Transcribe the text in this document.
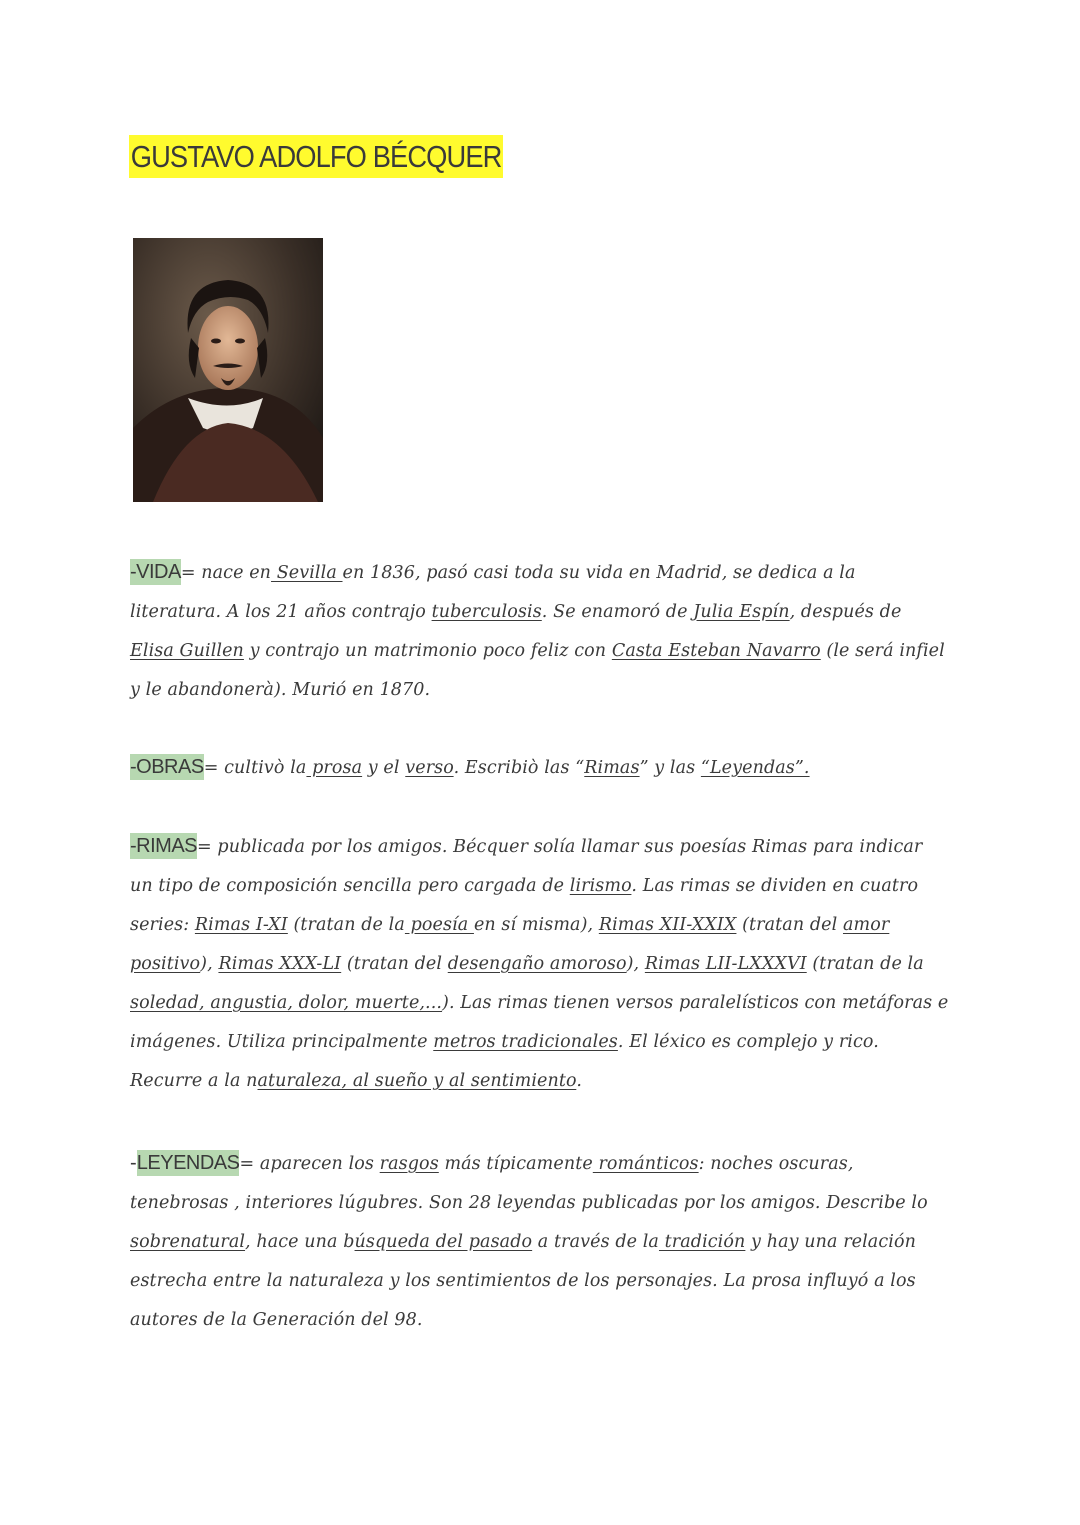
GUSTAVO ADOLFO BÉCQUER
-VIDA= nace en Sevilla en 1836, pasó casi toda su vida en Madrid, se dedica a la literatura. A los 21 años contrajo tuberculosis. Se enamoró de Julia Espín, después de Elisa Guillen y contrajo un matrimonio poco feliz con Casta Esteban Navarro (le será infiel y le abandonerà). Murió en 1870.
-OBRAS= cultivò la prosa y el verso. Escribiò las “Rimas” y las “Leyendas”.
-RIMAS= publicada por los amigos. Bécquer solía llamar sus poesías Rimas para indicar un tipo de composición sencilla pero cargada de lirismo. Las rimas se dividen en cuatro series: Rimas I-XI (tratan de la poesía en sí misma), Rimas XII-XXIX (tratan del amor positivo), Rimas XXX-LI (tratan del desengaño amoroso), Rimas LII-LXXXVI (tratan de la soledad, angustia, dolor, muerte,...). Las rimas tienen versos paralelísticos con metáforas e imágenes. Utiliza principalmente metros tradicionales. El léxico es complejo y rico. Recurre a la naturaleza, al sueño y al sentimiento.
-LEYENDAS= aparecen los rasgos más típicamente románticos: noches oscuras, tenebrosas , interiores lúgubres. Son 28 leyendas publicadas por los amigos. Describe lo sobrenatural, hace una búsqueda del pasado a través de la tradición y hay una relación estrecha entre la naturaleza y los sentimientos de los personajes. La prosa influyó a los autores de la Generación del 98.
